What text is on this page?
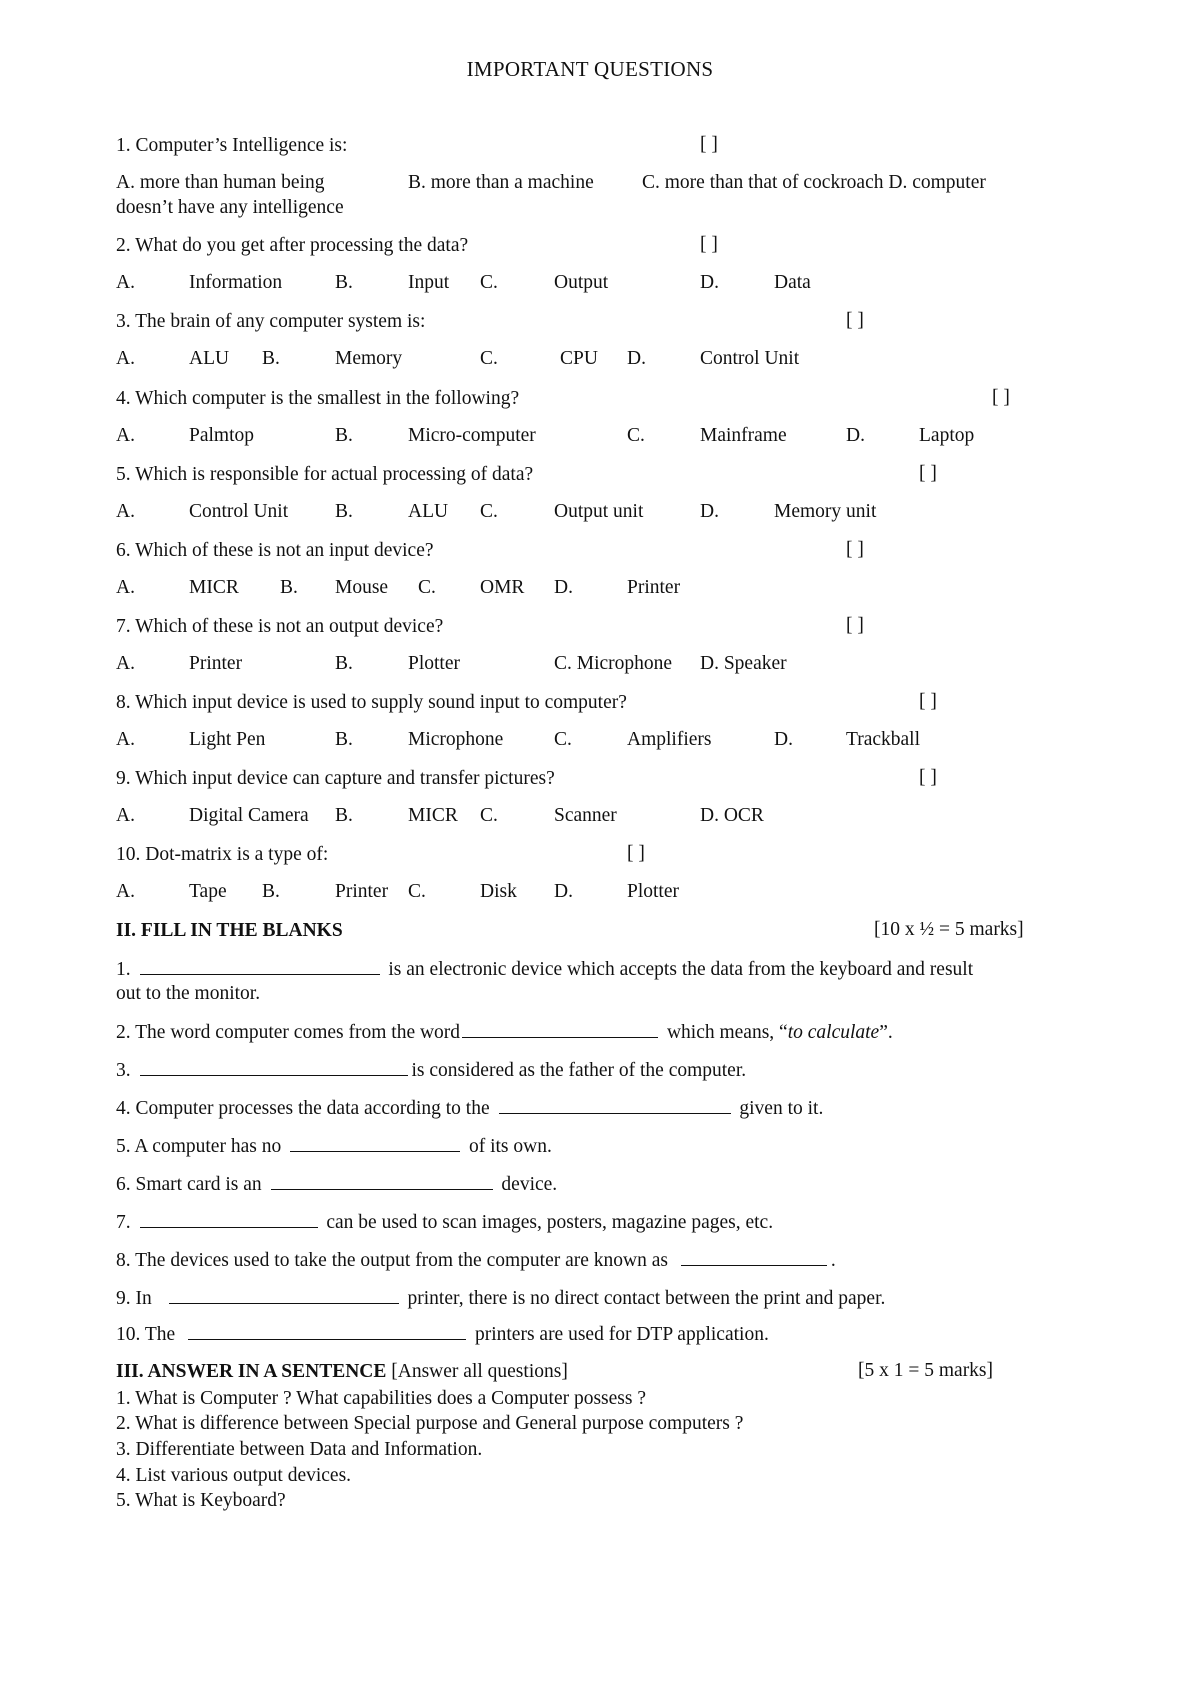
IMPORTANT QUESTIONS
1. Computer’s Intelligence is:	[ ]
A. more than human being	B. more than a machine C. more than that of cockroach D. computer
doesn’t have any intelligence
2. What do you get after processing the data?	[ ]
A.	Information	B.	Input C.	Output	D.	Data
3. The brain of any computer system is:	[ ]
A.	ALU B.	Memory	C.	CPU D.	Control Unit
4. Which computer is the smallest in the following?	[ ]
A.	Palmtop	B.	Micro-computer	C.	Mainframe	D.	Laptop
5. Which is responsible for actual processing of data?	[ ]
A.	Control Unit B.	ALU C.	Output unit	D.	Memory unit
6. Which of these is not an input device?	[ ]
A.	MICR B. Mouse C. OMR D.	Printer
7. Which of these is not an output device?	[ ]
A.	Printer	B.	Plotter	C. Microphone D. Speaker
8. Which input device is used to supply sound input to computer?	[ ]
A.	Light Pen	B.	Microphone	C.	Amplifiers	D.	Trackball
9. Which input device can capture and transfer pictures?	[ ]
A.	Digital Camera B.	MICR C.	Scanner	D. OCR
10. Dot-matrix is a type of:	[ ]
A.	Tape B.	Printer C.	Disk D.	Plotter
II. FILL IN THE BLANKS	[10 x ½ = 5 marks]
1.	is an electronic device which accepts the data from the keyboard and result
out to the monitor.
2. The word computer comes from the word	which means, “to calculate”.
3.	is considered as the father of the computer.
4. Computer processes the data according to the	given to it.
5. A computer has no	of its own.
6. Smart card is an	device.
7.	can be used to scan images, posters, magazine pages, etc.
8. The devices used to take the output from the computer are known as	.
9. In	printer, there is no direct contact between the print and paper.
10. The	printers are used for DTP application.
III. ANSWER IN A SENTENCE [Answer all questions]	[5 x 1 = 5 marks]
1. What is Computer ? What capabilities does a Computer possess ?
2. What is difference between Special purpose and General purpose computers ?
3. Differentiate between Data and Information.
4. List various output devices.
5. What is Keyboard?
